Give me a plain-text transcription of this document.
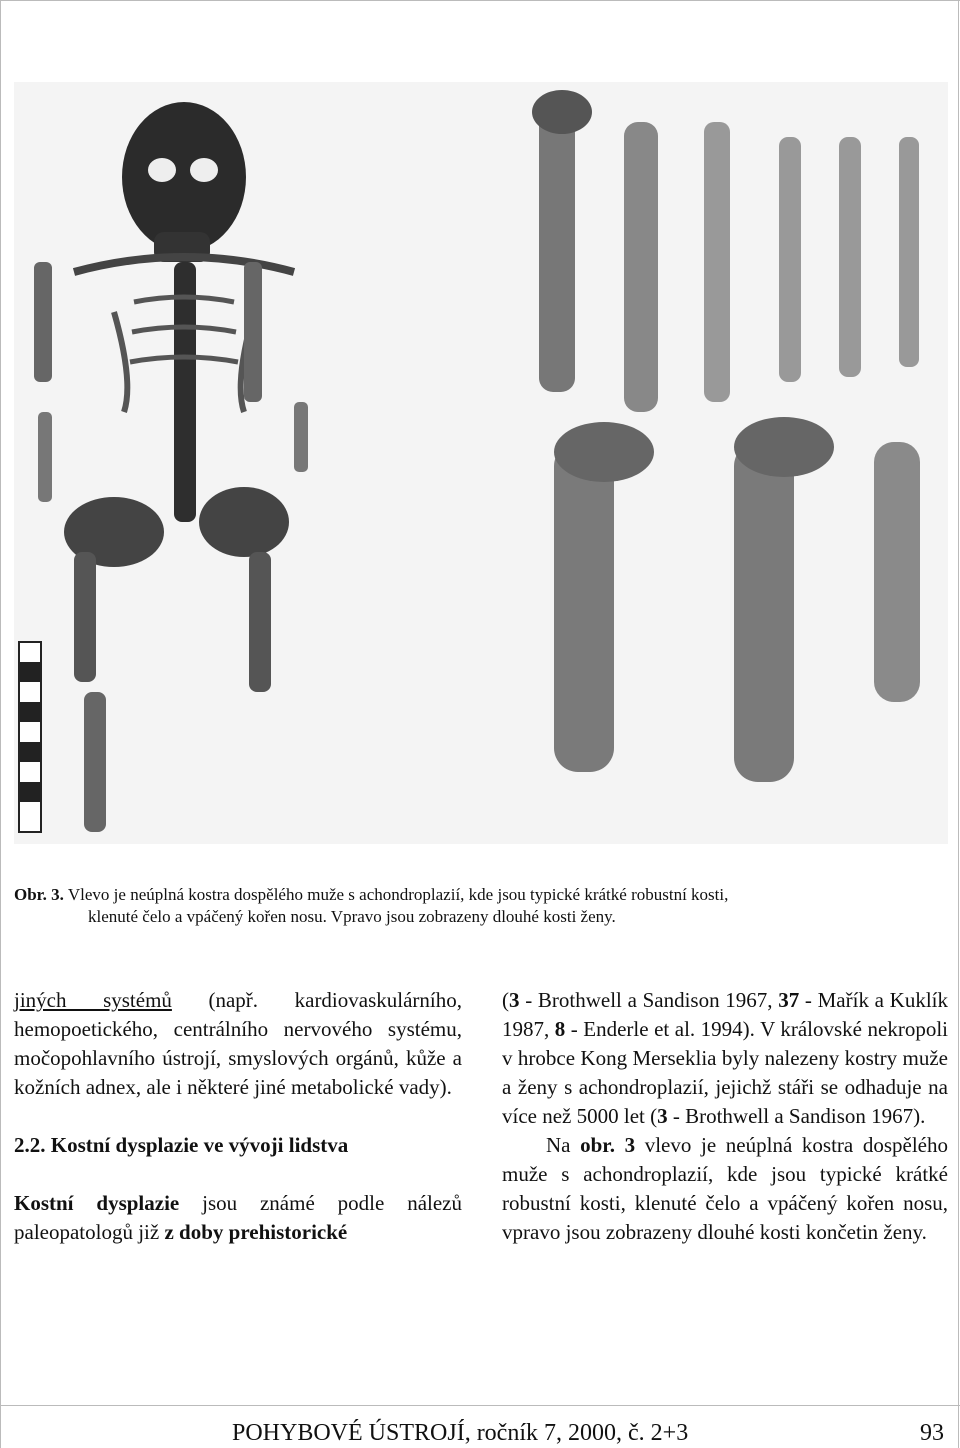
Obr. 3. Vlevo je neúplná kostra dospělého muže s achondroplazií, kde jsou typické krátké robustní kosti,
klenuté čelo a vpáčený kořen nosu. Vpravo jsou zobrazeny dlouhé kosti ženy.

jiných systémů (např. kardiovaskulárního, hemopoetického, centrálního nervového systému, močopohlavního ústrojí, smyslových orgánů, kůže a kožních adnex, ale i některé jiné metabolické vady).

2.2. Kostní dysplazie ve vývoji lidstva

Kostní dysplazie jsou známé podle nálezů paleopatologů již z doby prehistorické

(3 - Brothwell a Sandison 1967, 37 - Mařík a Kuklík 1987, 8 - Enderle et al. 1994). V královské nekropoli v hrobce Kong Merseklia byly nalezeny kostry muže a ženy s achondroplazií, jejichž stáři se odhaduje na více než 5000 let (3 - Brothwell a Sandison 1967).

Na obr. 3 vlevo je neúplná kostra dospělého muže s achondroplazií, kde jsou typické krátké robustní kosti, klenuté čelo a vpáčený kořen nosu, vpravo jsou zobrazeny dlouhé kosti končetin ženy.

POHYBOVÉ ÚSTROJÍ, ročník 7, 2000, č. 2+3	93
